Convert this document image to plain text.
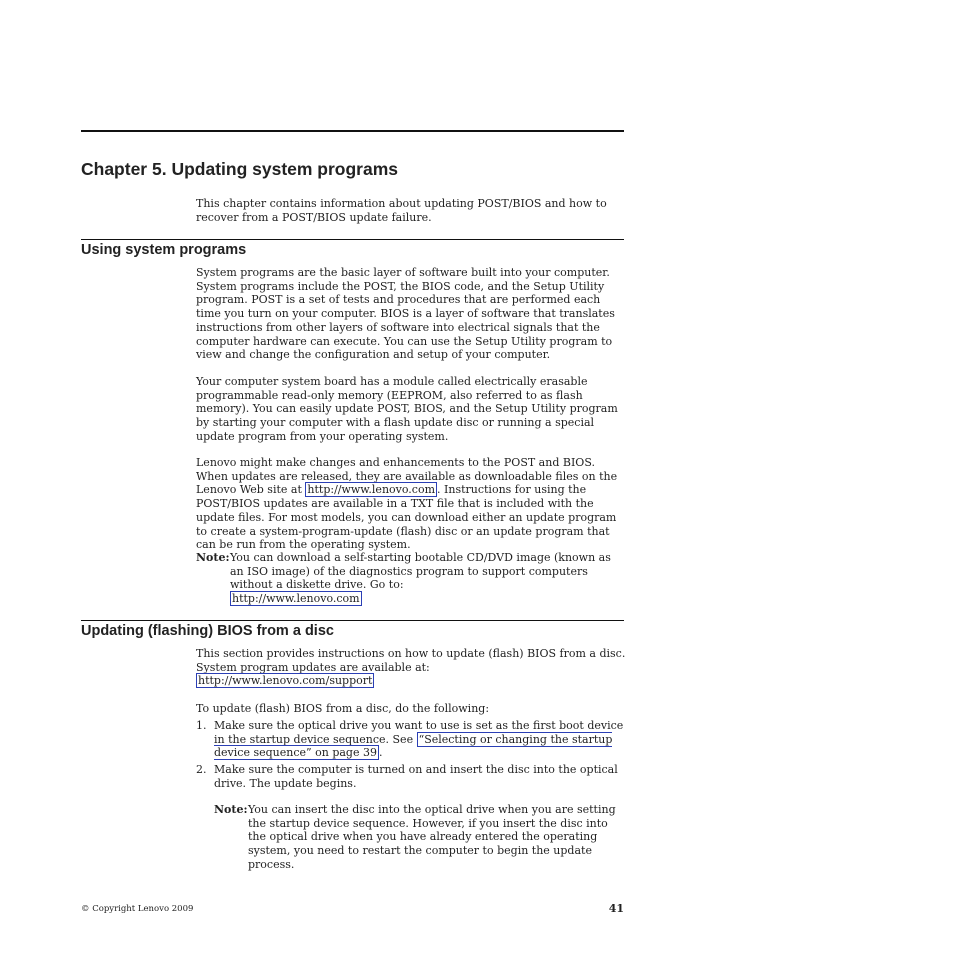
Chapter 5. Updating system programs

This chapter contains information about updating POST/BIOS and how to recover from a POST/BIOS update failure.

Using system programs

System programs are the basic layer of software built into your computer. System programs include the POST, the BIOS code, and the Setup Utility program. POST is a set of tests and procedures that are performed each time you turn on your computer. BIOS is a layer of software that translates instructions from other layers of software into electrical signals that the computer hardware can execute. You can use the Setup Utility program to view and change the configuration and setup of your computer.

Your computer system board has a module called electrically erasable programmable read-only memory (EEPROM, also referred to as flash memory). You can easily update POST, BIOS, and the Setup Utility program by starting your computer with a flash update disc or running a special update program from your operating system.

Lenovo might make changes and enhancements to the POST and BIOS. When updates are released, they are available as downloadable files on the Lenovo Web site at http://www.lenovo.com . Instructions for using the POST/BIOS updates are available in a TXT file that is included with the update files. For most models, you can download either an update program to create a system-program-update (flash) disc or an update program that can be run from the operating system.

Note: You can download a self-starting bootable CD/DVD image (known as an ISO image) of the diagnostics program to support computers without a diskette drive. Go to:
http://www.lenovo.com
Updating (flashing) BIOS from a disc

This section provides instructions on how to update (flash) BIOS from a disc. System program updates are available at:
http://www.lenovo.com/support

To update (flash) BIOS from a disc, do the following:

1. Make sure the optical drive you want to use is set as the first boot device in the startup device sequence. See “Selecting or changing the startup device sequence” on page 39 .
2. Make sure the computer is turned on and insert the disc into the optical drive. The update begins.
Note: You can insert the disc into the optical drive when you are setting the startup device sequence. However, if you insert the disc into the optical drive when you have already entered the operating system, you need to restart the computer to begin the update process.
© Copyright Lenovo 2009	41
